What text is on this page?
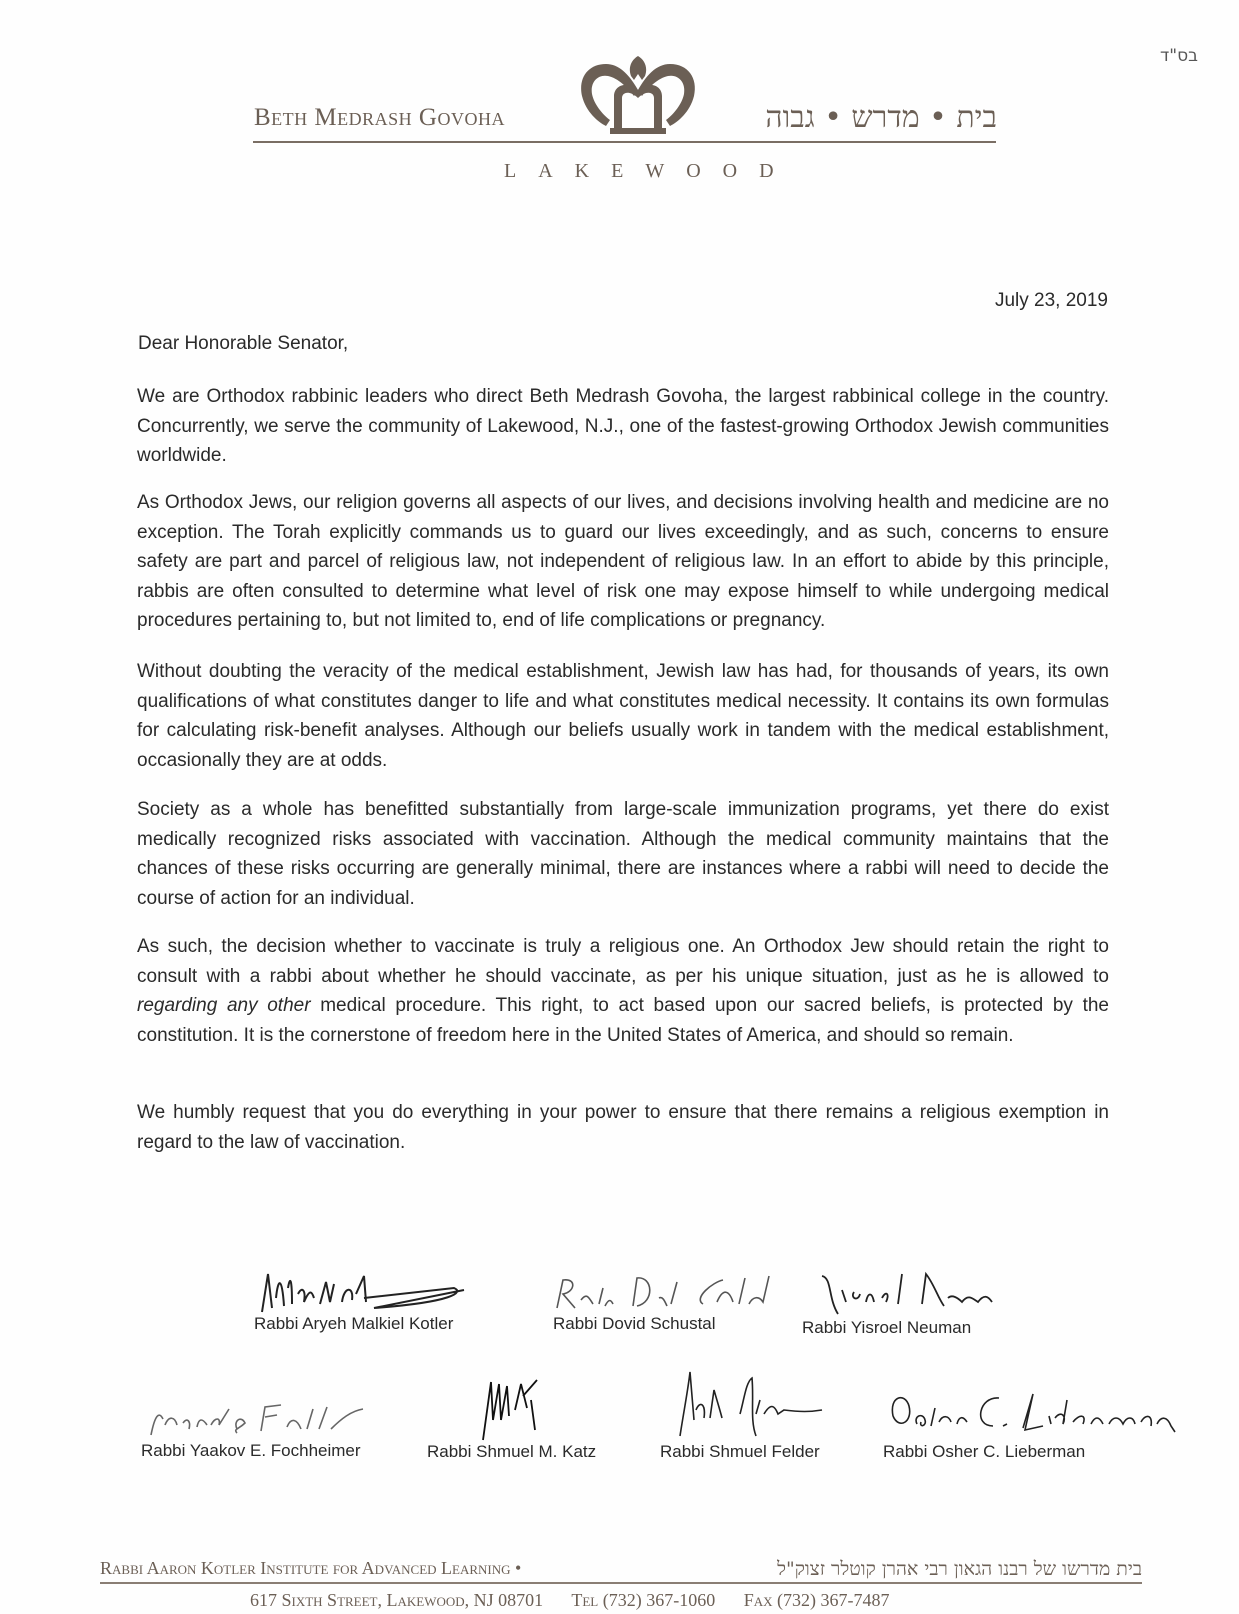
בס"ד
Beth Medrash Govoha	בית • מדרש • גבוה
LAKEWOOD
July 23, 2019
Dear Honorable Senator,

We are Orthodox rabbinic leaders who direct Beth Medrash Govoha, the largest rabbinical college in the country. Concurrently, we serve the community of Lakewood, N.J., one of the fastest-growing Orthodox Jewish communities worldwide.

As Orthodox Jews, our religion governs all aspects of our lives, and decisions involving health and medicine are no exception. The Torah explicitly commands us to guard our lives exceedingly, and as such, concerns to ensure safety are part and parcel of religious law, not independent of religious law. In an effort to abide by this principle, rabbis are often consulted to determine what level of risk one may expose himself to while undergoing medical procedures pertaining to, but not limited to, end of life complications or pregnancy.

Without doubting the veracity of the medical establishment, Jewish law has had, for thousands of years, its own qualifications of what constitutes danger to life and what constitutes medical necessity. It contains its own formulas for calculating risk-benefit analyses. Although our beliefs usually work in tandem with the medical establishment, occasionally they are at odds.

Society as a whole has benefitted substantially from large-scale immunization programs, yet there do exist medically recognized risks associated with vaccination. Although the medical community maintains that the chances of these risks occurring are generally minimal, there are instances where a rabbi will need to decide the course of action for an individual.

As such, the decision whether to vaccinate is truly a religious one. An Orthodox Jew should retain the right to consult with a rabbi about whether he should vaccinate, as per his unique situation, just as he is allowed to regarding any other medical procedure. This right, to act based upon our sacred beliefs, is protected by the constitution. It is the cornerstone of freedom here in the United States of America, and should so remain.

We humbly request that you do everything in your power to ensure that there remains a religious exemption in regard to the law of vaccination.

Rabbi Aryeh Malkiel Kotler	Rabbi Dovid Schustal	Rabbi Yisroel Neuman
Rabbi Yaakov E. Fochheimer	Rabbi Shmuel M. Katz	Rabbi Shmuel Felder	Rabbi Osher C. Lieberman
Rabbi Aaron Kotler Institute for Advanced Learning •	בית מדרשו של רבנו הגאון רבי אהרן קוטלר זצוק"ל
617 Sixth Street, Lakewood, NJ 08701 Tel (732) 367-1060 Fax (732) 367-7487
